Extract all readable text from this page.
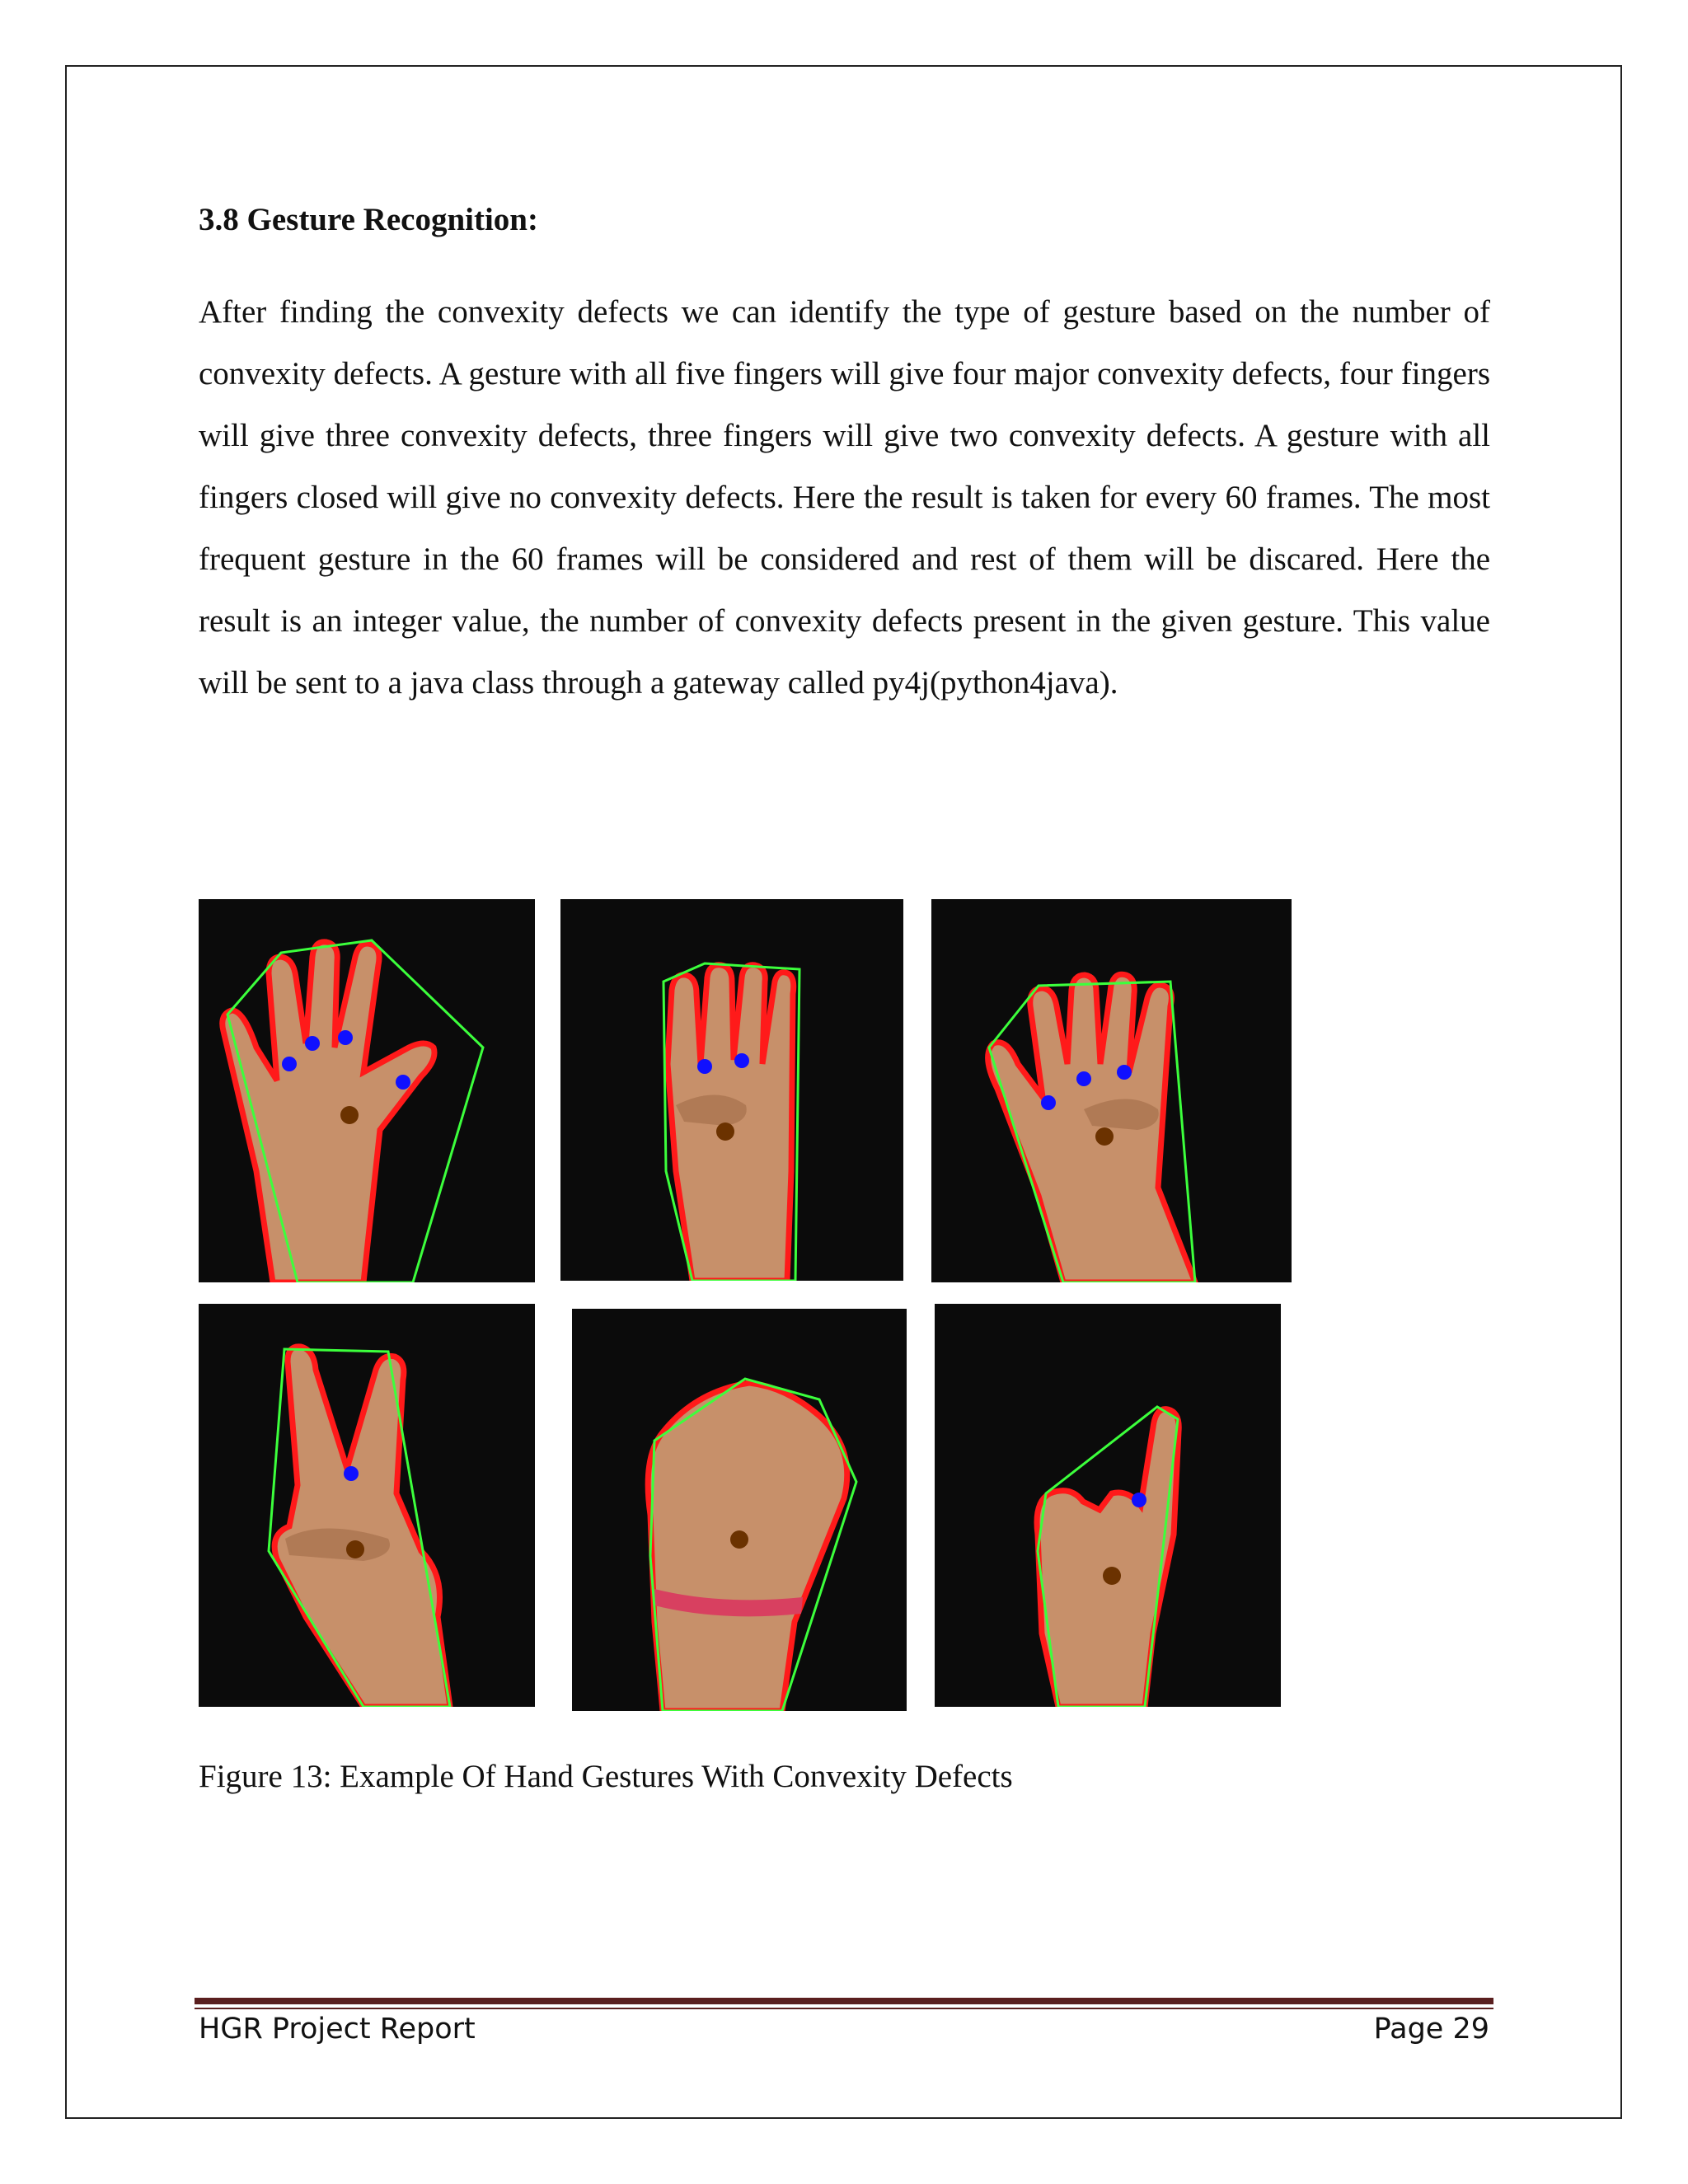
3.8 Gesture Recognition:

After finding the convexity defects we can identify the type of gesture based on the number of convexity defects. A gesture with all five fingers will give four major convexity defects, four fingers will give three convexity defects, three fingers will give two convexity defects. A gesture with all fingers closed will give no convexity defects. Here the result is taken for every 60 frames. The most frequent gesture in the 60 frames will be considered and rest of them will be discared. Here the result is an integer value, the number of convexity defects present in the given gesture. This value will be sent to a java class through a gateway called py4j(python4java).

Figure 13: Example Of Hand Gestures With Convexity Defects

HGR Project Report	Page 29
